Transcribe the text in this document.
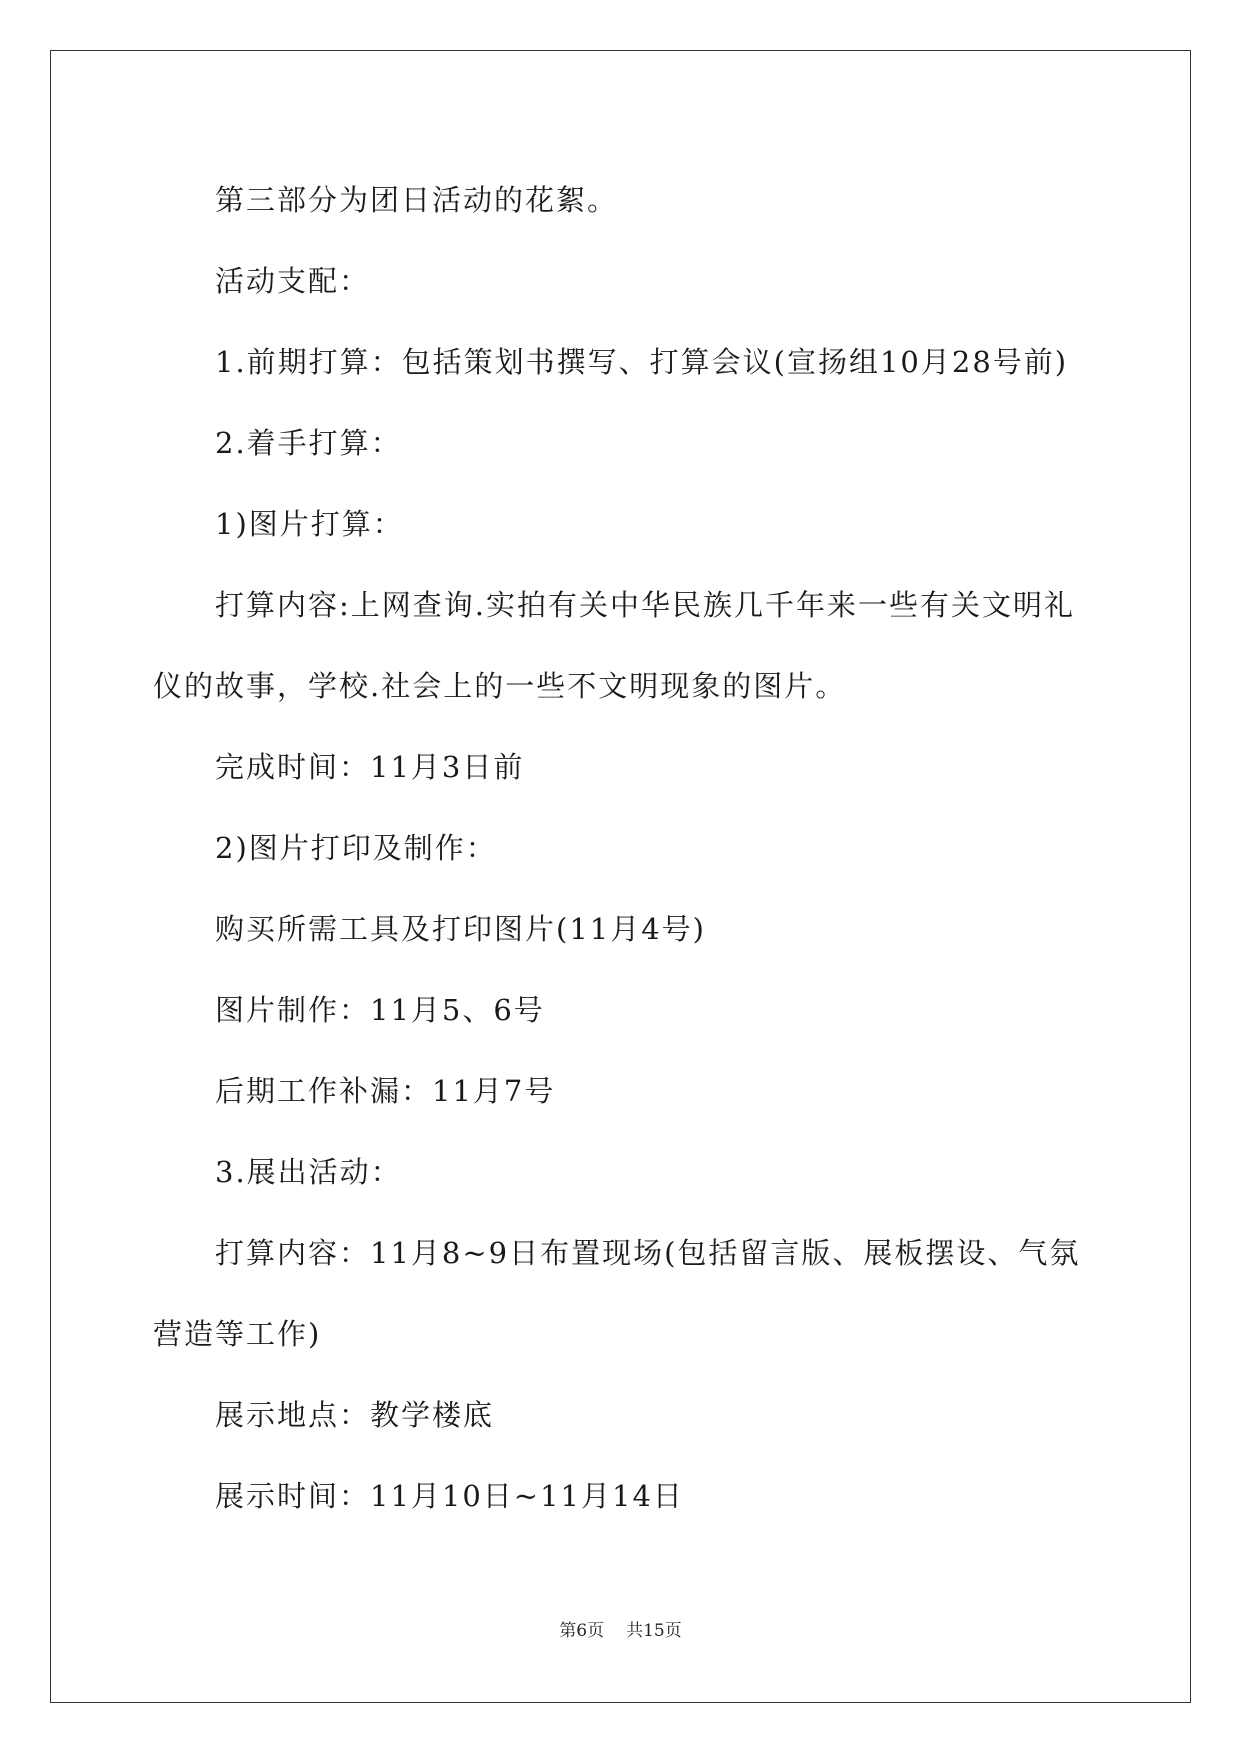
第三部分为团日活动的花絮。

活动支配：

1.前期打算：包括策划书撰写、打算会议(宣扬组10月28号前)

2.着手打算：

1)图片打算：

打算内容:上网查询.实拍有关中华民族几千年来一些有关文明礼仪的故事，学校.社会上的一些不文明现象的图片。

完成时间：11月3日前

2)图片打印及制作：

购买所需工具及打印图片(11月4号)

图片制作：11月5、6号

后期工作补漏：11月7号

3.展出活动：

打算内容：11月8~9日布置现场(包括留言版、展板摆设、气氛营造等工作)

展示地点：教学楼底

展示时间：11月10日~11月14日

第6页 共15页
